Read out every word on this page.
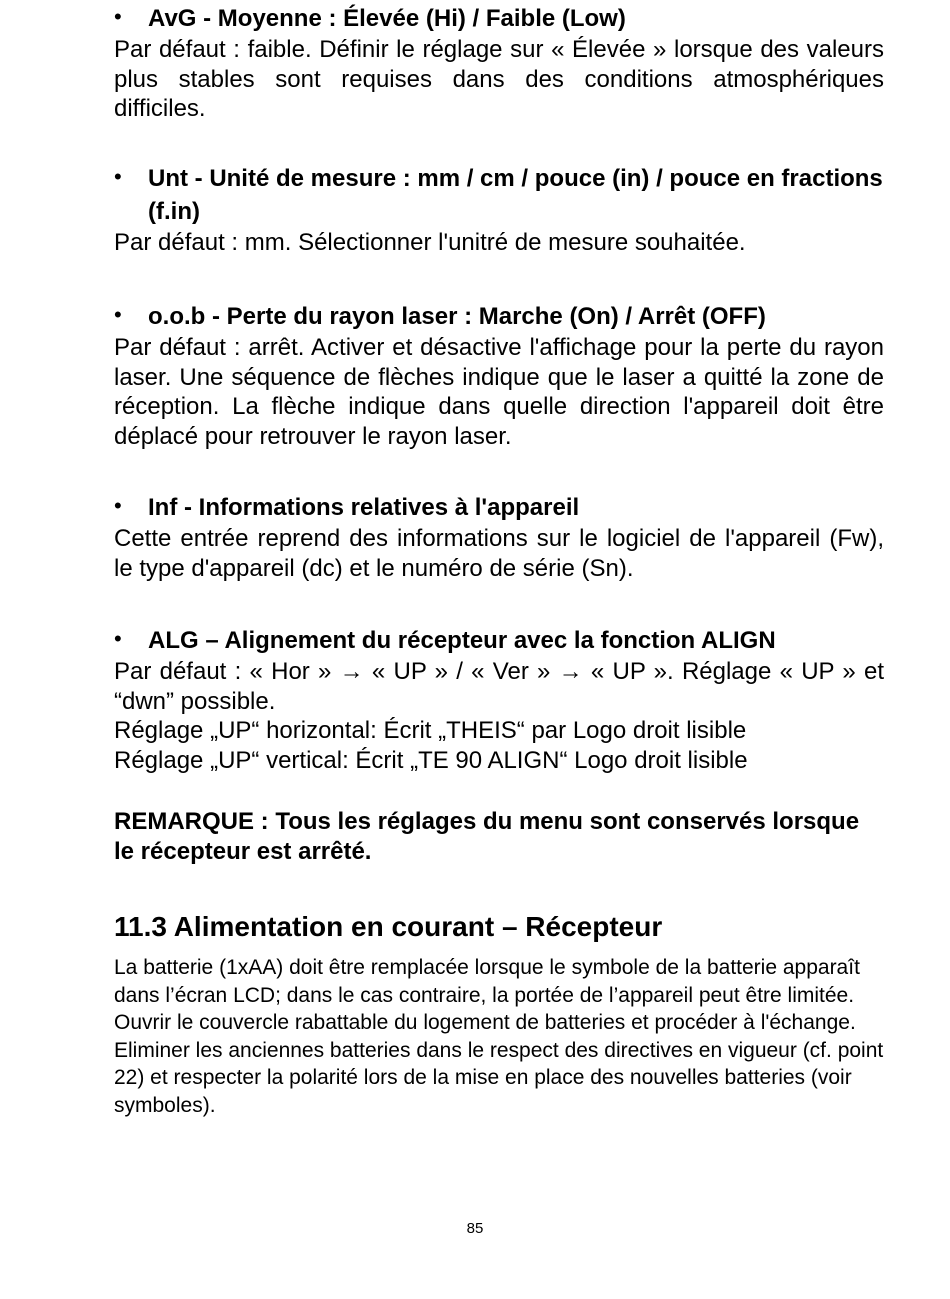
•	AvG - Moyenne : Élevée (Hi) / Faible (Low)

Par défaut : faible. Définir le réglage sur « Élevée » lorsque des valeurs plus stables sont requises dans des conditions atmosphériques difficiles.

•	Unt - Unité de mesure : mm / cm / pouce (in) / pouce en fractions (f.in)

Par défaut : mm. Sélectionner l'unitré de mesure souhaitée.

•	o.o.b - Perte du rayon laser : Marche (On) / Arrêt (OFF)

Par défaut : arrêt. Activer et désactive l'affichage pour la perte du rayon laser. Une séquence de flèches indique que le laser a quitté la zone de réception. La flèche indique dans quelle direction l'appareil doit être déplacé pour retrouver le rayon laser.

•	Inf - Informations relatives à l'appareil

Cette entrée reprend des informations sur le logiciel de l'appareil (Fw), le type d'appareil (dc) et le numéro de série (Sn).

•	ALG – Alignement du récepteur avec la fonction ALIGN

Par défaut : « Hor » → « UP » / « Ver » → « UP ». Réglage « UP » et “dwn” possible.

Réglage „UP“ horizontal: Écrit „THEIS“ par Logo droit lisible

Réglage „UP“ vertical: Écrit „TE 90 ALIGN“ Logo droit lisible

REMARQUE : Tous les réglages du menu sont conservés lorsque le récepteur est arrêté.

11.3 Alimentation en courant – Récepteur

La batterie (1xAA) doit être remplacée lorsque le symbole de la batterie apparaît dans l’écran LCD; dans le cas contraire, la portée de l’appareil peut être limitée.

Ouvrir le couvercle rabattable du logement de batteries et procéder à l'échange.

Eliminer les anciennes batteries dans le respect des directives en vigueur (cf. point 22) et respecter la polarité lors de la mise en place des nouvelles batteries (voir symboles).

85
